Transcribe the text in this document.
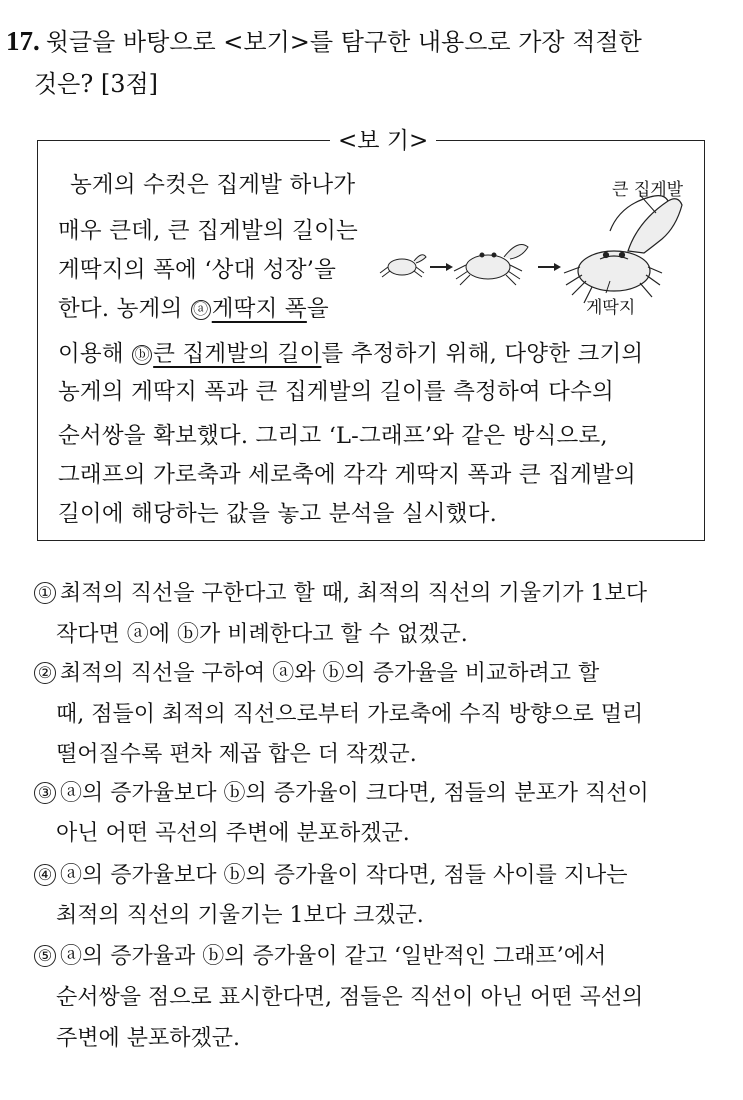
17. 윗글을 바탕으로 <보기>를 탐구한 내용으로 가장 적절한
것은? [3점]
<보 기>
농게의 수컷은 집게발 하나가
매우 큰데, 큰 집게발의 길이는
게딱지의 폭에 ‘상대 성장’을
한다. 농게의 ⓐ 게딱지 폭을
이용해 ⓑ 큰 집게발의 길이를 추정하기 위해, 다양한 크기의
농게의 게딱지 폭과 큰 집게발의 길이를 측정하여 다수의
순서쌍을 확보했다. 그리고 ‘L-그래프’와 같은 방식으로,
그래프의 가로축과 세로축에 각각 게딱지 폭과 큰 집게발의
길이에 해당하는 값을 놓고 분석을 실시했다.
큰 집게발
게딱지
① 최적의 직선을 구한다고 할 때, 최적의 직선의 기울기가 1보다
작다면 ⓐ에 ⓑ가 비례한다고 할 수 없겠군.
② 최적의 직선을 구하여 ⓐ와 ⓑ의 증가율을 비교하려고 할
때, 점들이 최적의 직선으로부터 가로축에 수직 방향으로 멀리
떨어질수록 편차 제곱 합은 더 작겠군.
③ ⓐ의 증가율보다 ⓑ의 증가율이 크다면, 점들의 분포가 직선이
아닌 어떤 곡선의 주변에 분포하겠군.
④ ⓐ의 증가율보다 ⓑ의 증가율이 작다면, 점들 사이를 지나는
최적의 직선의 기울기는 1보다 크겠군.
⑤ ⓐ의 증가율과 ⓑ의 증가율이 같고 ‘일반적인 그래프’에서
순서쌍을 점으로 표시한다면, 점들은 직선이 아닌 어떤 곡선의
주변에 분포하겠군.
